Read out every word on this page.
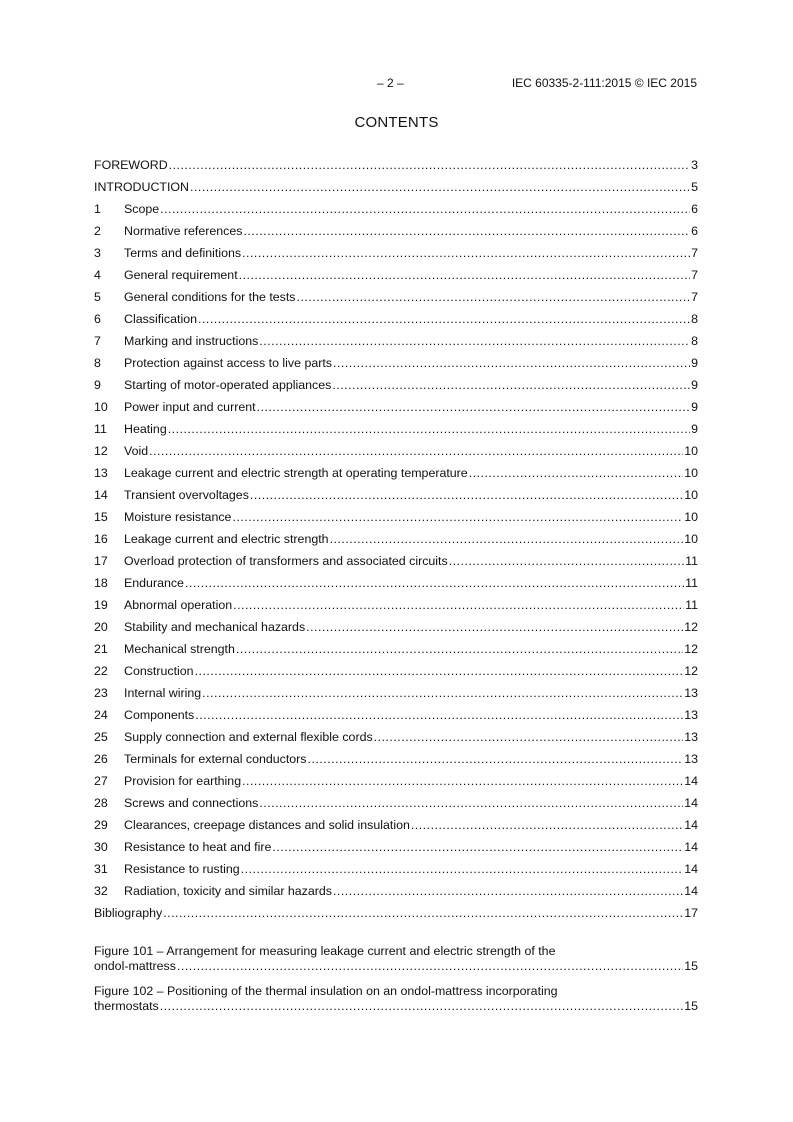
– 2 –	IEC 60335-2-111:2015 © IEC 2015
CONTENTS
FOREWORD .....	3
INTRODUCTION .....	5
1	Scope .....	6
2	Normative references .....	6
3	Terms and definitions .....	7
4	General requirement .....	7
5	General conditions for the tests .....	7
6	Classification .....	8
7	Marking and instructions .....	8
8	Protection against access to live parts .....	9
9	Starting of motor-operated appliances .....	9
10	Power input and current .....	9
11	Heating .....	9
12	Void .....	10
13	Leakage current and electric strength at operating temperature .....	10
14	Transient overvoltages .....	10
15	Moisture resistance .....	10
16	Leakage current and electric strength .....	10
17	Overload protection of transformers and associated circuits .....	11
18	Endurance .....	11
19	Abnormal operation .....	11
20	Stability and mechanical hazards .....	12
21	Mechanical strength .....	12
22	Construction .....	12
23	Internal wiring .....	13
24	Components .....	13
25	Supply connection and external flexible cords .....	13
26	Terminals for external conductors .....	13
27	Provision for earthing .....	14
28	Screws and connections .....	14
29	Clearances, creepage distances and solid insulation .....	14
30	Resistance to heat and fire .....	14
31	Resistance to rusting .....	14
32	Radiation, toxicity and similar hazards .....	14
Bibliography .....	17
Figure 101 – Arrangement for measuring leakage current and electric strength of the
ondol-mattress .....	15
Figure 102 – Positioning of the thermal insulation on an ondol-mattress incorporating
thermostats .....	15
